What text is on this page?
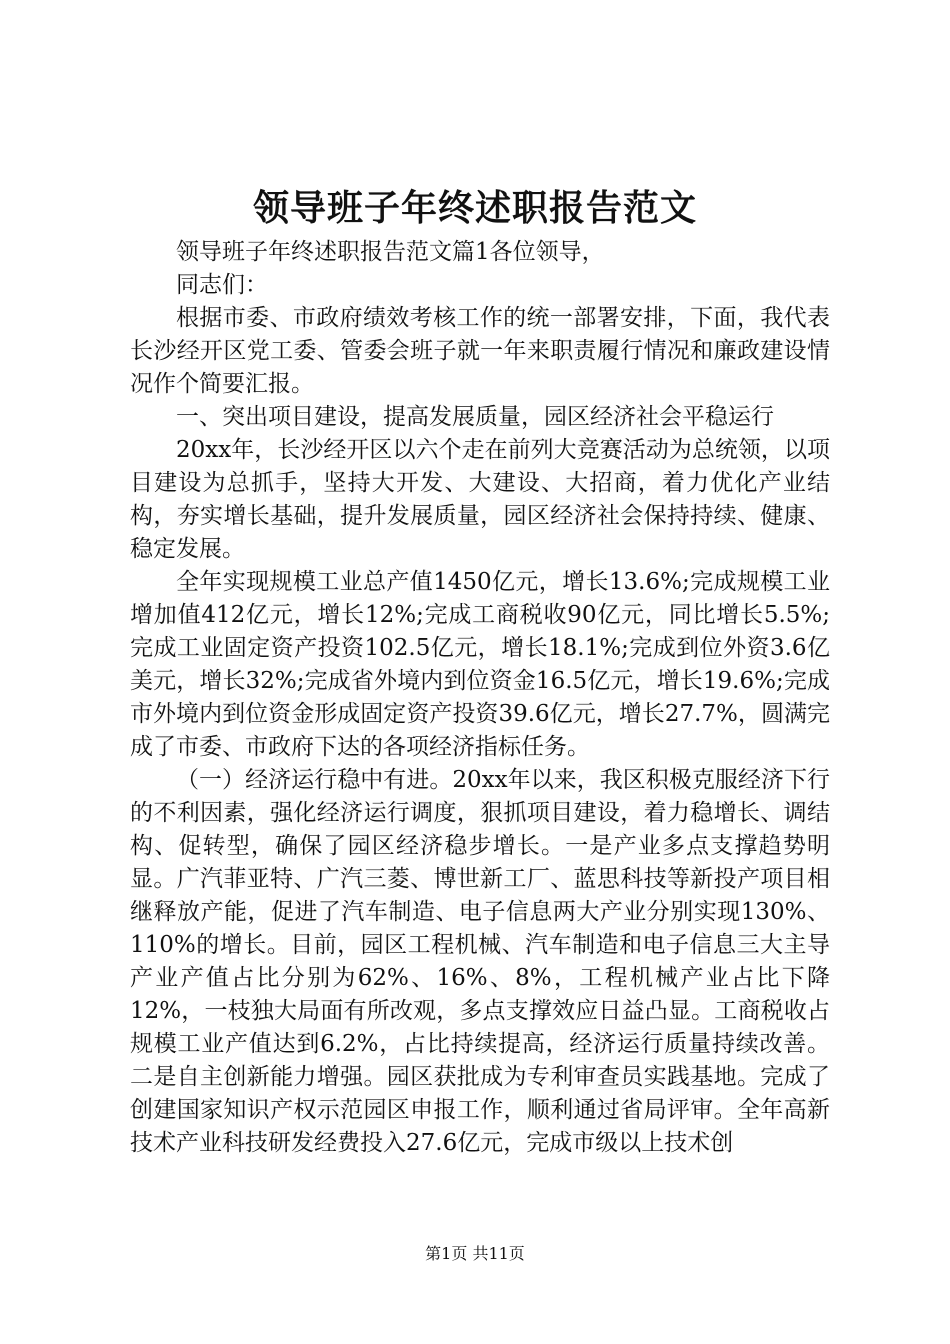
领导班子年终述职报告范文

领导班子年终述职报告范文篇1各位领导，

同志们：

根据市委、市政府绩效考核工作的统一部署安排，下面，我代表长沙经开区党工委、管委会班子就一年来职责履行情况和廉政建设情况作个简要汇报。

一、突出项目建设，提高发展质量，园区经济社会平稳运行

20xx年，长沙经开区以六个走在前列大竞赛活动为总统领，以项目建设为总抓手，坚持大开发、大建设、大招商，着力优化产业结构，夯实增长基础，提升发展质量，园区经济社会保持持续、健康、稳定发展。

全年实现规模工业总产值1450亿元，增长13.6%;完成规模工业增加值412亿元，增长12%;完成工商税收90亿元，同比增长5.5%;完成工业固定资产投资102.5亿元，增长18.1%;完成到位外资3.6亿美元，增长32%;完成省外境内到位资金16.5亿元，增长19.6%;完成市外境内到位资金形成固定资产投资39.6亿元，增长27.7%，圆满完成了市委、市政府下达的各项经济指标任务。

（一）经济运行稳中有进。20xx年以来，我区积极克服经济下行的不利因素，强化经济运行调度，狠抓项目建设，着力稳增长、调结构、促转型，确保了园区经济稳步增长。一是产业多点支撑趋势明显。广汽菲亚特、广汽三菱、博世新工厂、蓝思科技等新投产项目相继释放产能，促进了汽车制造、电子信息两大产业分别实现130%、110%的增长。目前，园区工程机械、汽车制造和电子信息三大主导产业产值占比分别为62%、16%、8%，工程机械产业占比下降12%，一枝独大局面有所改观，多点支撑效应日益凸显。工商税收占规模工业产值达到6.2%，占比持续提高，经济运行质量持续改善。二是自主创新能力增强。园区获批成为专利审查员实践基地。完成了创建国家知识产权示范园区申报工作，顺利通过省局评审。全年高新技术产业科技研发经费投入27.6亿元，完成市级以上技术创

第1页 共11页
